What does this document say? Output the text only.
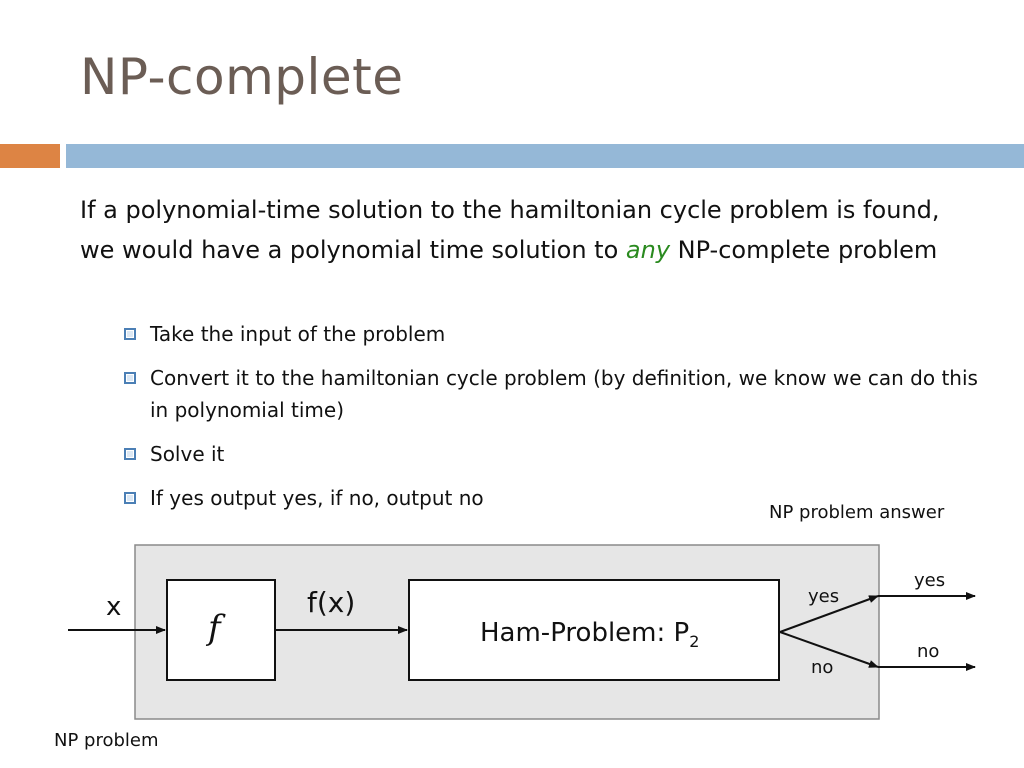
NP-complete
If a polynomial-time solution to the hamiltonian cycle problem is found, we would have a polynomial time solution to any NP-complete problem
Take the input of the problem
Convert it to the hamiltonian cycle problem (by definition, we know we can do this in polynomial time)
Solve it
If yes output yes, if no, output no
NP problem answer
NP problem
x	f(x)
f	Ham-Problem: $P_2$
yes
no
yes
no
